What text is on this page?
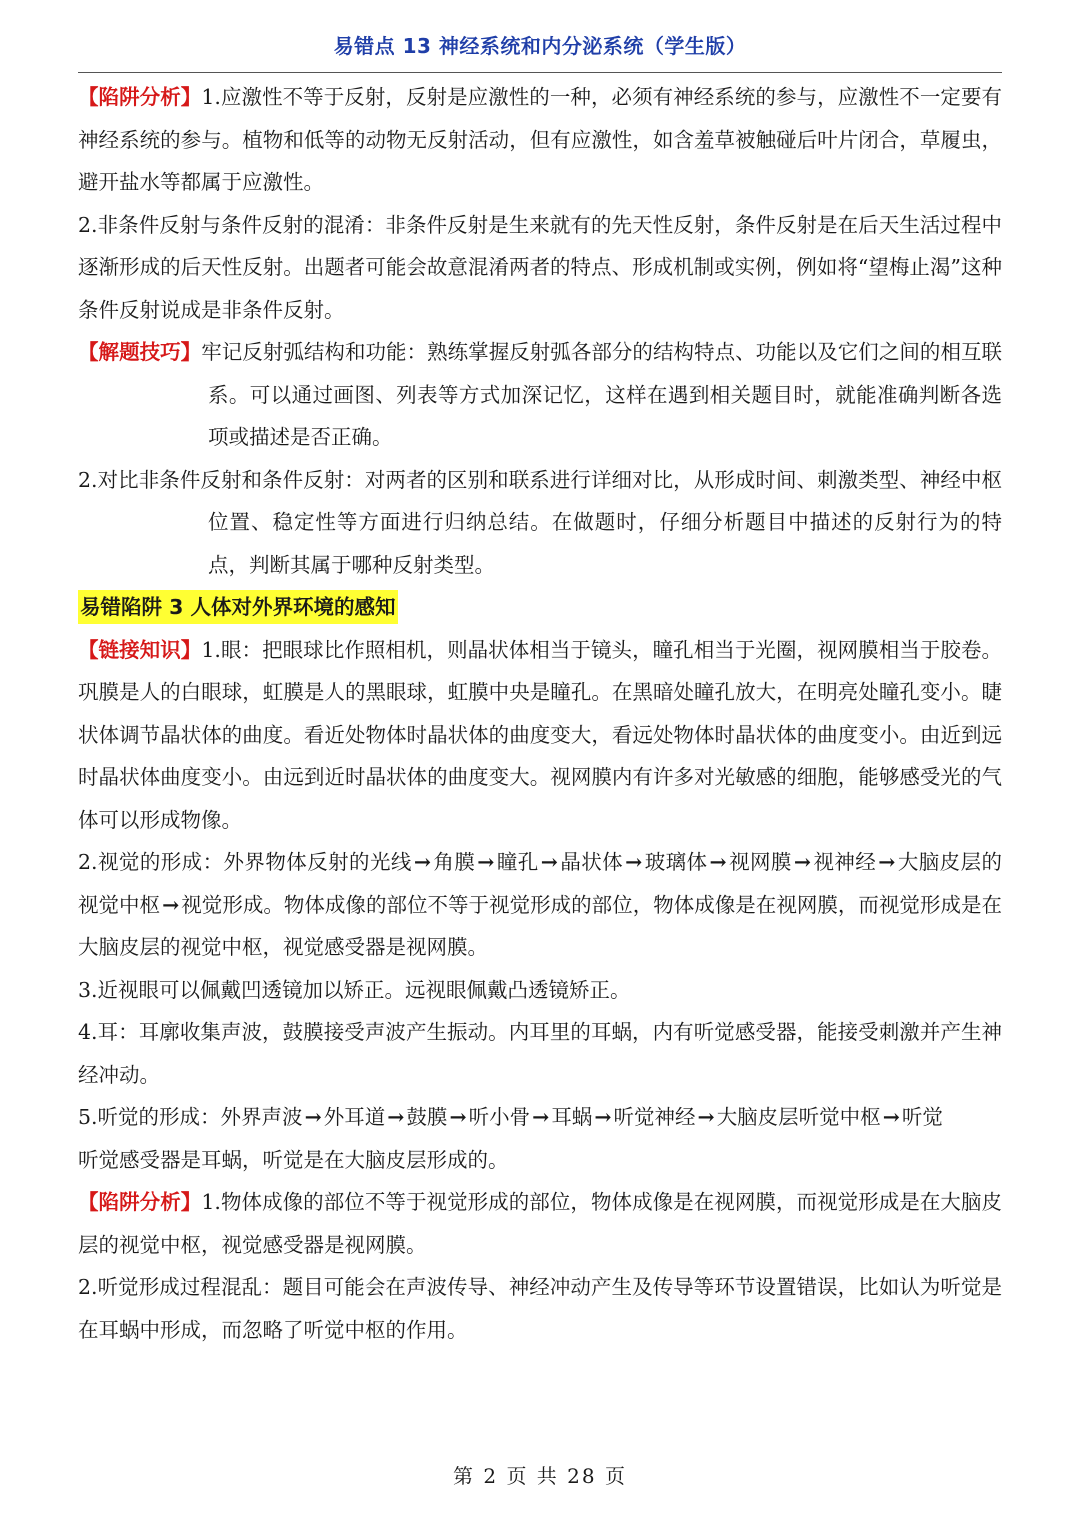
易错点 13 神经系统和内分泌系统（学生版）

【陷阱分析】1.应激性不等于反射，反射是应激性的一种，必须有神经系统的参与，应激性不一定要有神经系统的参与。植物和低等的动物无反射活动，但有应激性，如含羞草被触碰后叶片闭合，草履虫，避开盐水等都属于应激性。

2.非条件反射与条件反射的混淆：非条件反射是生来就有的先天性反射，条件反射是在后天生活过程中逐渐形成的后天性反射。出题者可能会故意混淆两者的特点、形成机制或实例，例如将“望梅止渴”这种条件反射说成是非条件反射。

【解题技巧】牢记反射弧结构和功能：熟练掌握反射弧各部分的结构特点、功能以及它们之间的相互联系。可以通过画图、列表等方式加深记忆，这样在遇到相关题目时，就能准确判断各选项或描述是否正确。

2.对比非条件反射和条件反射：对两者的区别和联系进行详细对比，从形成时间、刺激类型、神经中枢位置、稳定性等方面进行归纳总结。在做题时，仔细分析题目中描述的反射行为的特点，判断其属于哪种反射类型。

易错陷阱 3 人体对外界环境的感知

【链接知识】1.眼：把眼球比作照相机，则晶状体相当于镜头，瞳孔相当于光圈，视网膜相当于胶卷。巩膜是人的白眼球，虹膜是人的黑眼球，虹膜中央是瞳孔。在黑暗处瞳孔放大，在明亮处瞳孔变小。睫状体调节晶状体的曲度。看近处物体时晶状体的曲度变大，看远处物体时晶状体的曲度变小。由近到远时晶状体曲度变小。由远到近时晶状体的曲度变大。视网膜内有许多对光敏感的细胞，能够感受光的气体可以形成物像。

2.视觉的形成：外界物体反射的光线→角膜→瞳孔→晶状体→玻璃体→视网膜→视神经→大脑皮层的视觉中枢→视觉形成。物体成像的部位不等于视觉形成的部位，物体成像是在视网膜，而视觉形成是在大脑皮层的视觉中枢，视觉感受器是视网膜。

3.近视眼可以佩戴凹透镜加以矫正。远视眼佩戴凸透镜矫正。

4.耳：耳廓收集声波，鼓膜接受声波产生振动。内耳里的耳蜗，内有听觉感受器，能接受刺激并产生神经冲动。

5.听觉的形成：外界声波→外耳道→鼓膜→听小骨→耳蜗→听觉神经→大脑皮层听觉中枢→听觉

听觉感受器是耳蜗，听觉是在大脑皮层形成的。

【陷阱分析】1.物体成像的部位不等于视觉形成的部位，物体成像是在视网膜，而视觉形成是在大脑皮层的视觉中枢，视觉感受器是视网膜。

2.听觉形成过程混乱：题目可能会在声波传导、神经冲动产生及传导等环节设置错误，比如认为听觉是在耳蜗中形成，而忽略了听觉中枢的作用。

第 2 页 共 28 页
